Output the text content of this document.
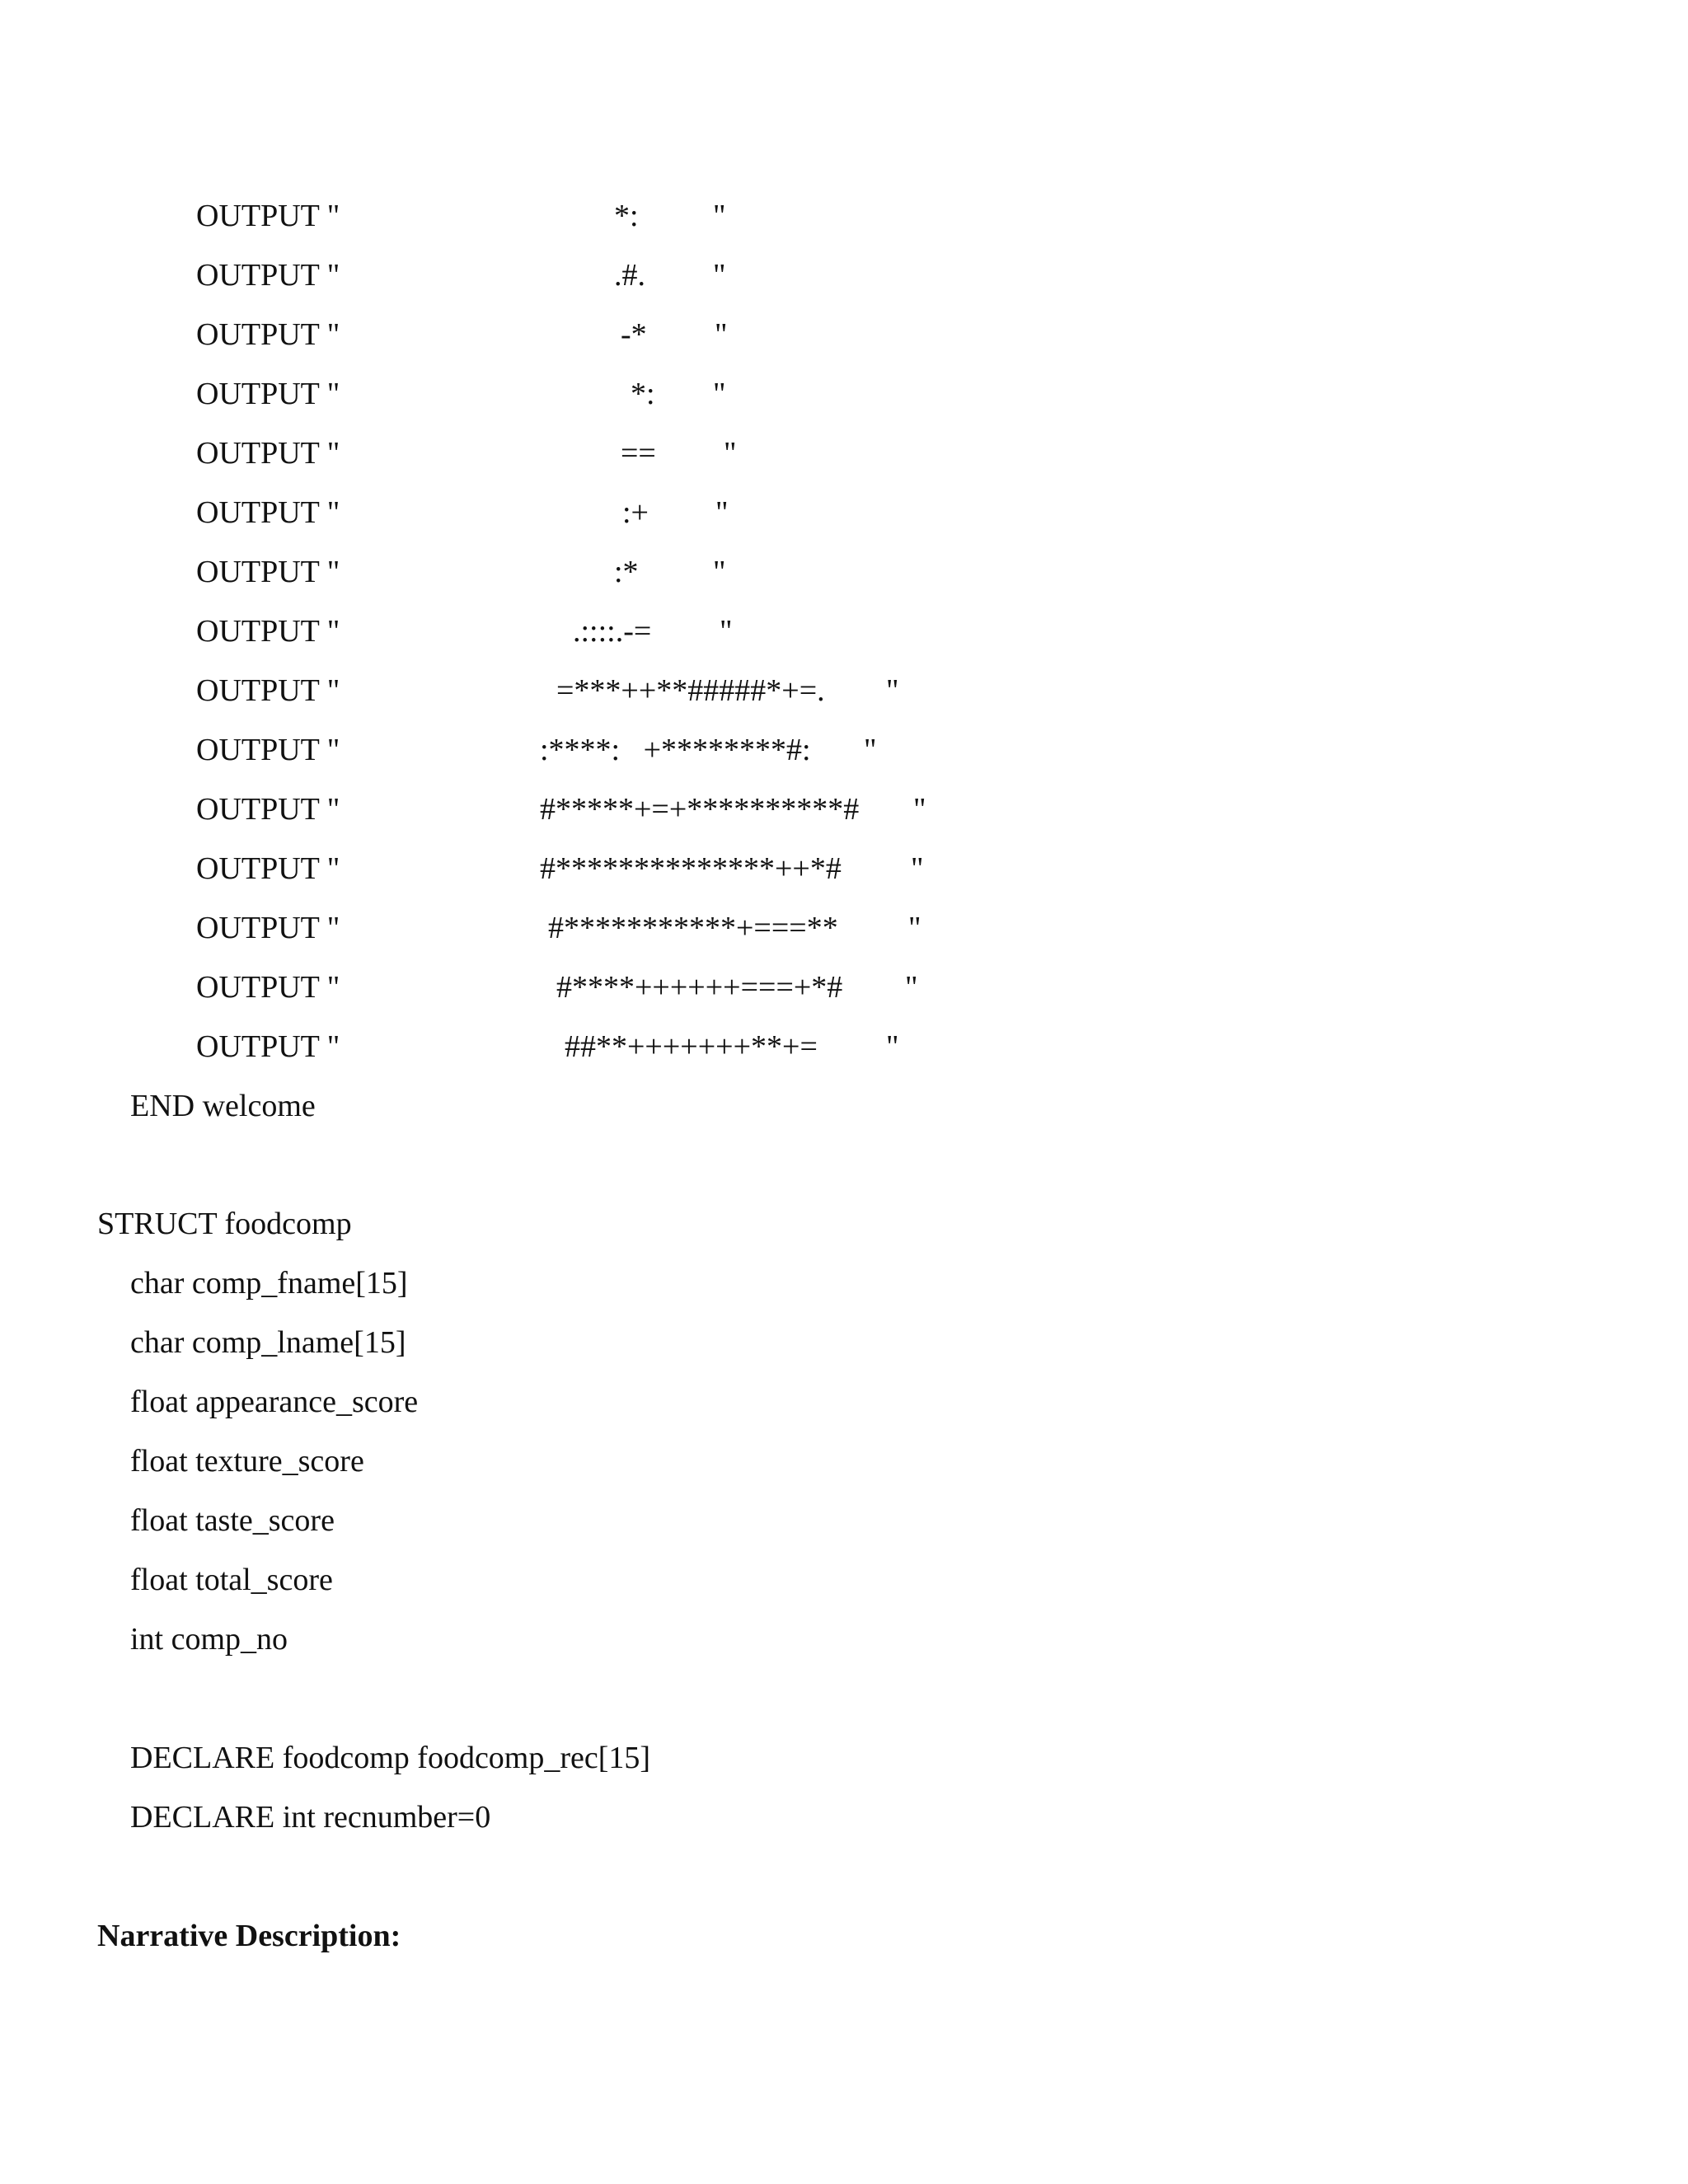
OUTPUT "	*: "
OUTPUT "	.#. "
OUTPUT "	-* "
OUTPUT "	*: "
OUTPUT "	== "
OUTPUT "	:+ "
OUTPUT "	:* "
OUTPUT "	.::::.-= "
OUTPUT "	=***++**#####*+=. "
OUTPUT "	:****:   +********#: "
OUTPUT "	#*****+=+**********# "
OUTPUT "	#**************++*# "
OUTPUT "	#***********+===** "
OUTPUT "	#****++++++===+*# "
OUTPUT "	##**+++++++**+= "
END welcome
STRUCT foodcomp
char comp_fname[15]
char comp_lname[15]
float appearance_score
float texture_score
float taste_score
float total_score
int comp_no
DECLARE foodcomp foodcomp_rec[15]
DECLARE int recnumber=0
Narrative Description:
